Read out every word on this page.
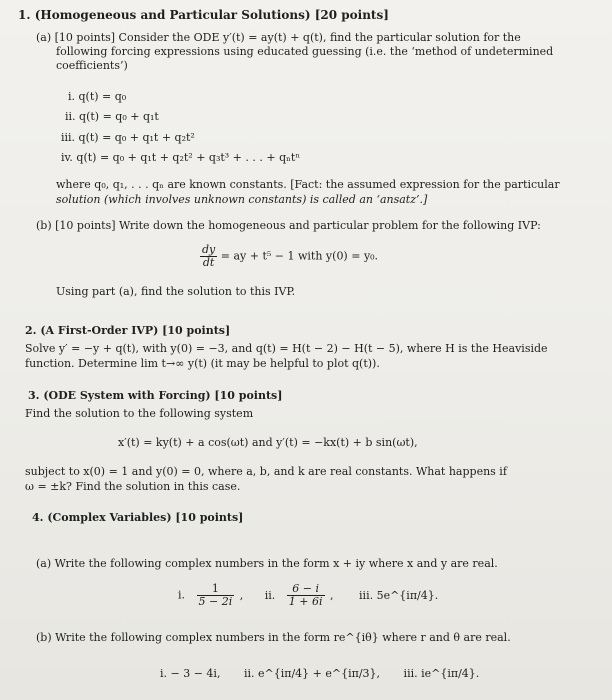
1. (Homogeneous and Particular Solutions) [20 points]
(a) [10 points] Consider the ODE y′(t) = ay(t) + q(t), find the particular solution for the
following forcing expressions using educated guessing (i.e. the ‘method of undetermined
coefficients’)
i. q(t) = q₀
ii. q(t) = q₀ + q₁t
iii. q(t) = q₀ + q₁t + q₂t²
iv. q(t) = q₀ + q₁t + q₂t² + q₃t³ + . . . + qₙtⁿ
where q₀, q₁, . . . qₙ are known constants. [Fact: the assumed expression for the particular
solution (which involves unknown constants) is called an ‘ansatz’.]
(b) [10 points] Write down the homogeneous and particular problem for the following IVP:
$\frac{dy}{dt}$ = ay + t⁵ − 1 with y(0) = y₀.
Using part (a), find the solution to this IVP.
2. (A First-Order IVP) [10 points]
Solve y′ = −y + q(t), with y(0) = −3, and q(t) = H(t − 2) − H(t − 5), where H is the Heaviside
function. Determine lim t→∞ y(t) (it may be helpful to plot q(t)).
3. (ODE System with Forcing) [10 points]
Find the solution to the following system
x′(t) = ky(t) + a cos(ωt) and y′(t) = −kx(t) + b sin(ωt),
subject to x(0) = 1 and y(0) = 0, where a, b, and k are real constants. What happens if
ω = ±k? Find the solution in this case.
4. (Complex Variables) [10 points]
(a) Write the following complex numbers in the form x + iy where x and y are real.
i. $\frac{1}{5 - 2i}$ , ii. $\frac{6 - i}{1 + 6i}$ , iii. 5e^{iπ/4}.
(b) Write the following complex numbers in the form re^{iθ} where r and θ are real.
i. − 3 − 4i, ii. e^{iπ/4} + e^{iπ/3}, iii. ie^{iπ/4}.
